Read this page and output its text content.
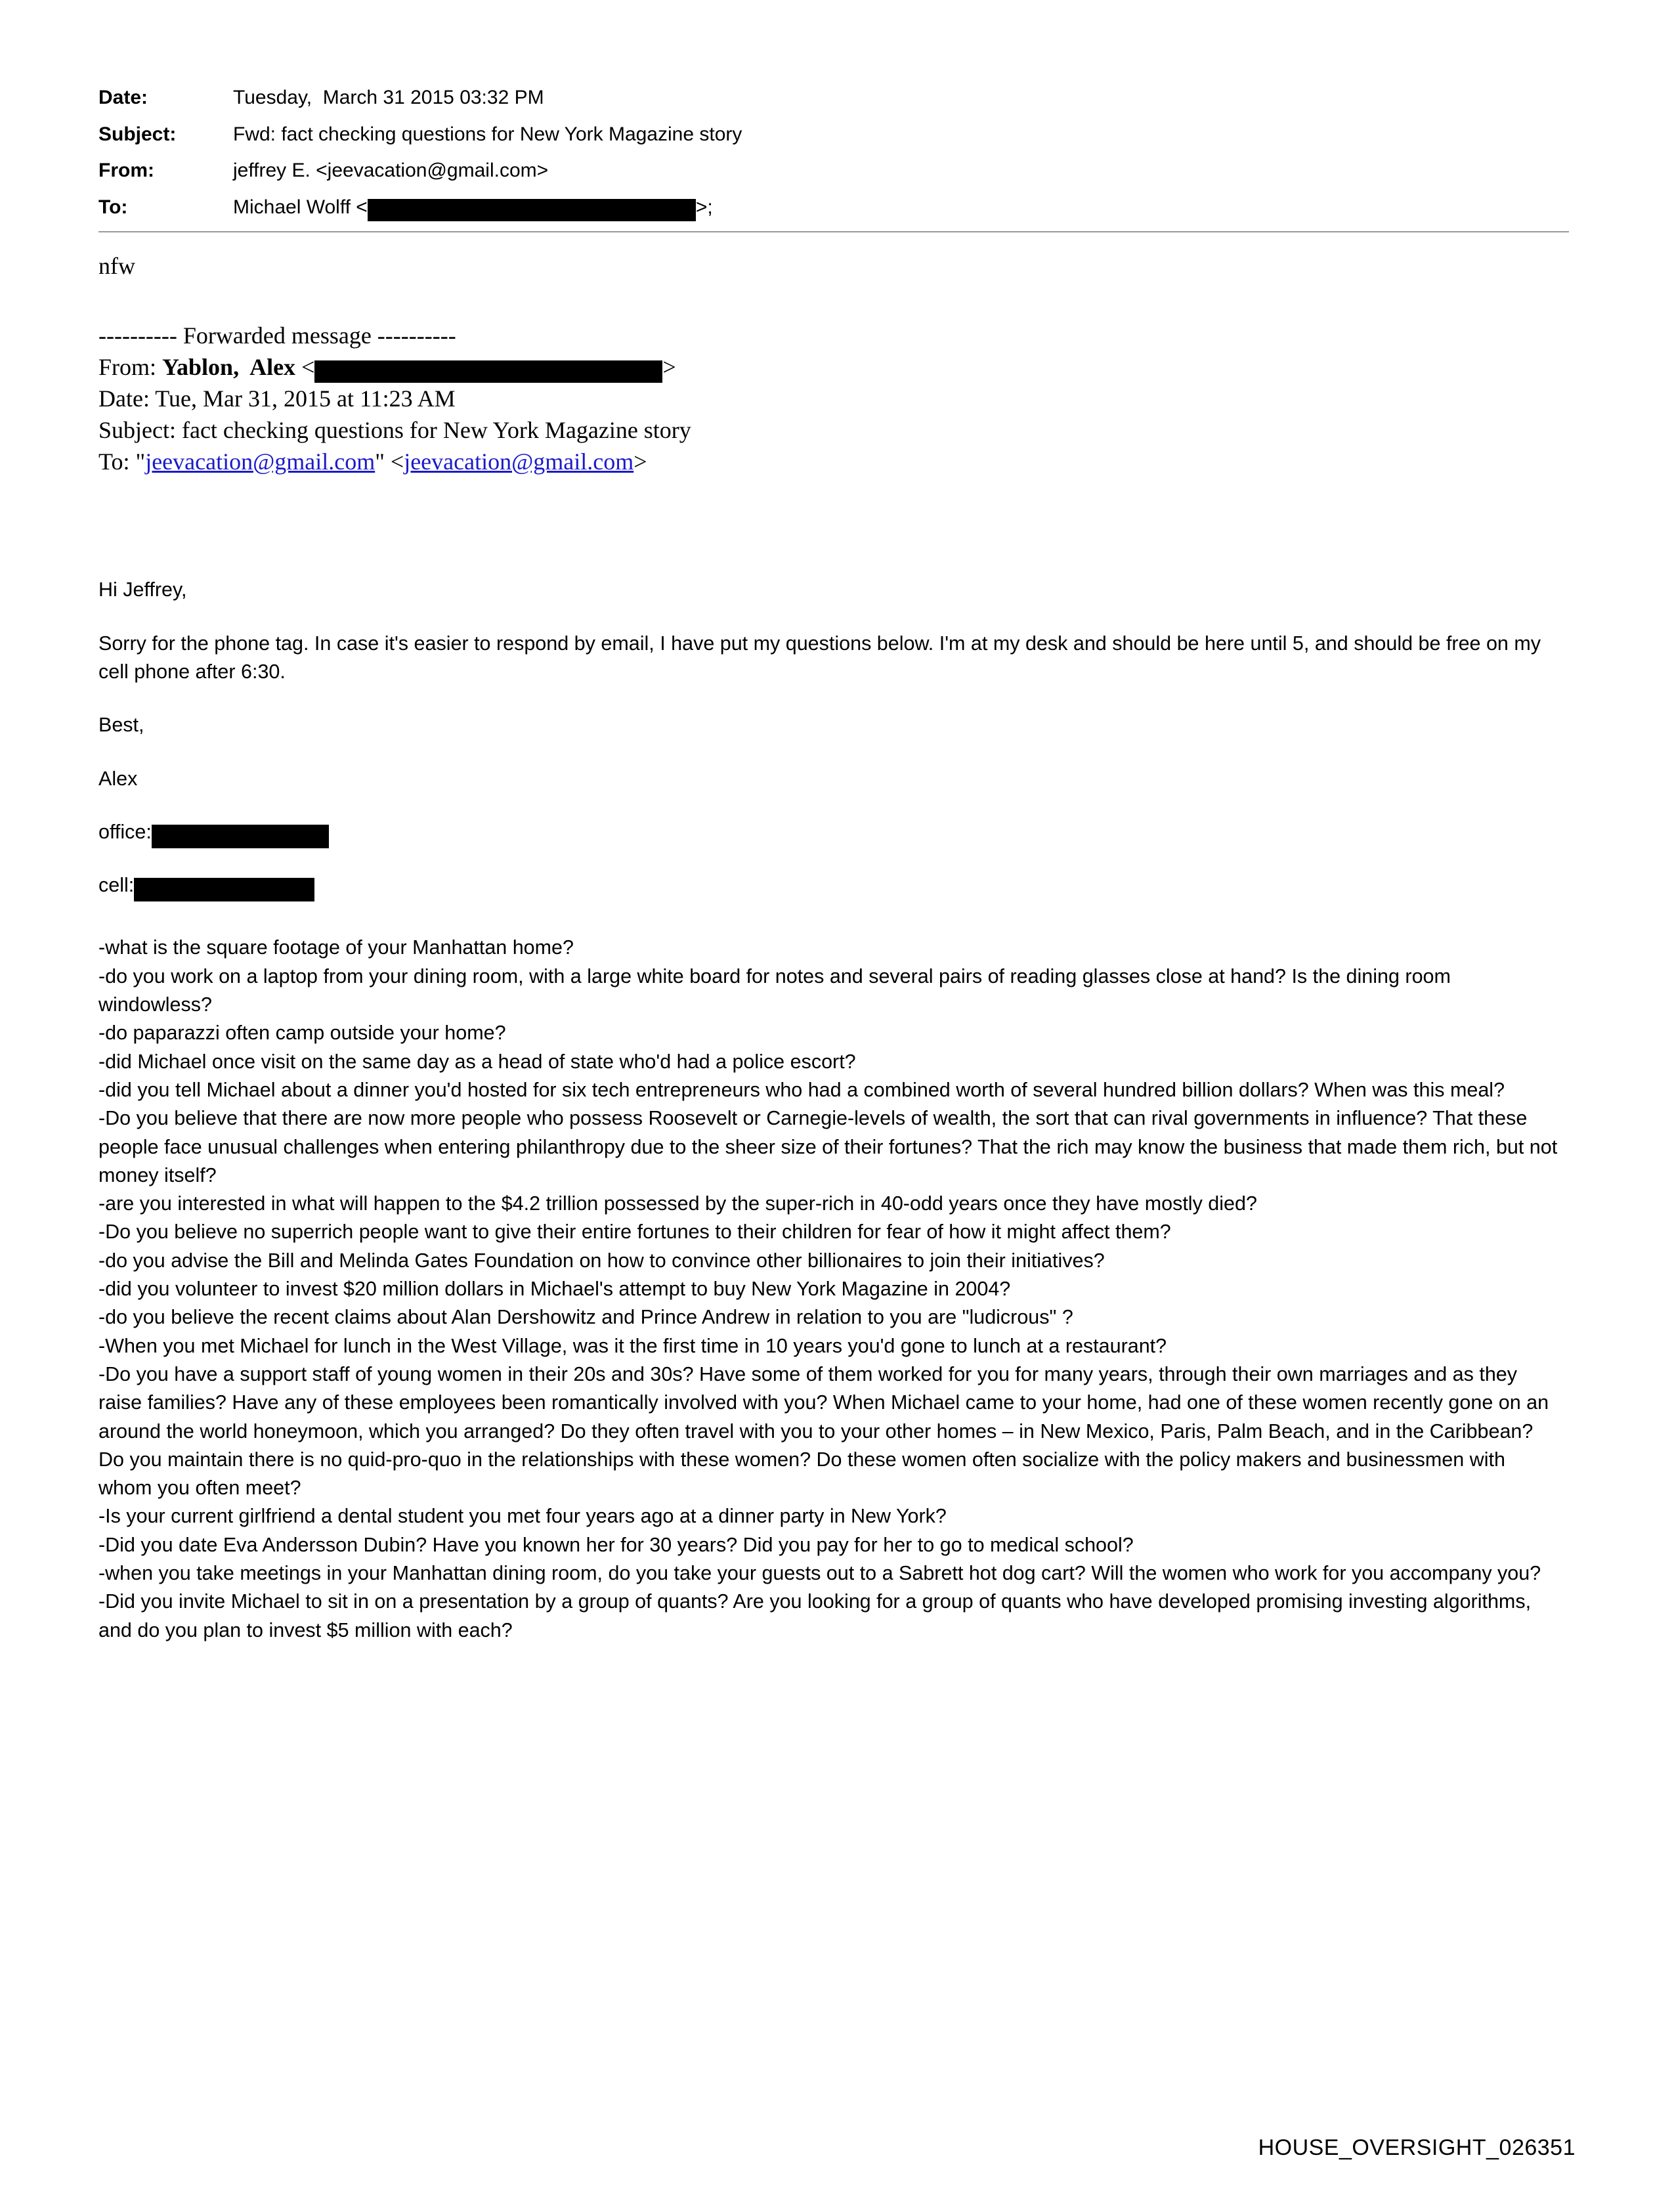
Date:	Tuesday,  March 31 2015 03:32 PM
Subject:	Fwd: fact checking questions for New York Magazine story
From:	jeffrey E. <jeevacation@gmail.com>
To:	Michael Wolff <	>;
nfw

---------- Forwarded message ----------

From: Yablon,  Alex <	>

Date: Tue, Mar 31, 2015 at 11:23 AM

Subject: fact checking questions for New York Magazine story

To: "jeevacation@gmail.com" <jeevacation@gmail.com>

Hi Jeffrey,

Sorry for the phone tag. In case it's easier to respond by email, I have put my questions below. I'm at my desk and should be here until 5, and should be free on my cell phone after 6:30.

Best,

Alex

office:

cell:

-what is the square footage of your Manhattan home?

-do you work on a laptop from your dining room, with a large white board for notes and several pairs of reading glasses close at hand? Is the dining room windowless?

-do paparazzi often camp outside your home?

-did Michael once visit on the same day as a head of state who'd had a police escort?

-did you tell Michael about a dinner you'd hosted for six tech entrepreneurs who had a combined worth of several hundred billion dollars? When was this meal?

-Do you believe that there are now more people who possess Roosevelt or Carnegie-levels of wealth, the sort that can rival governments in influence? That these people face unusual challenges when entering philanthropy due to the sheer size of their fortunes? That the rich may know the business that made them rich, but not money itself?

-are you interested in what will happen to the $4.2 trillion possessed by the super-rich in 40-odd years once they have mostly died?

-Do you believe no superrich people want to give their entire fortunes to their children for fear of how it might affect them?

-do you advise the Bill and Melinda Gates Foundation on how to convince other billionaires to join their initiatives?

-did you volunteer to invest $20 million dollars in Michael's attempt to buy New York Magazine in 2004?

-do you believe the recent claims about Alan Dershowitz and Prince Andrew in relation to you are "ludicrous" ?

-When you met Michael for lunch in the West Village, was it the first time in 10 years you'd gone to lunch at a restaurant?

-Do you have a support staff of young women in their 20s and 30s? Have some of them worked for you for many years, through their own marriages and as they raise families? Have any of these employees been romantically involved with you? When Michael came to your home, had one of these women recently gone on an around the world honeymoon, which you arranged? Do they often travel with you to your other homes – in New Mexico, Paris, Palm Beach, and in the Caribbean? Do you maintain there is no quid-pro-quo in the relationships with these women? Do these women often socialize with the policy makers and businessmen with whom you often meet?

-Is your current girlfriend a dental student you met four years ago at a dinner party in New York?

-Did you date Eva Andersson Dubin? Have you known her for 30 years? Did you pay for her to go to medical school?

-when you take meetings in your Manhattan dining room, do you take your guests out to a Sabrett hot dog cart? Will the women who work for you accompany you?

-Did you invite Michael to sit in on a presentation by a group of quants? Are you looking for a group of quants who have developed promising investing algorithms, and do you plan to invest $5 million with each?

HOUSE_OVERSIGHT_026351
